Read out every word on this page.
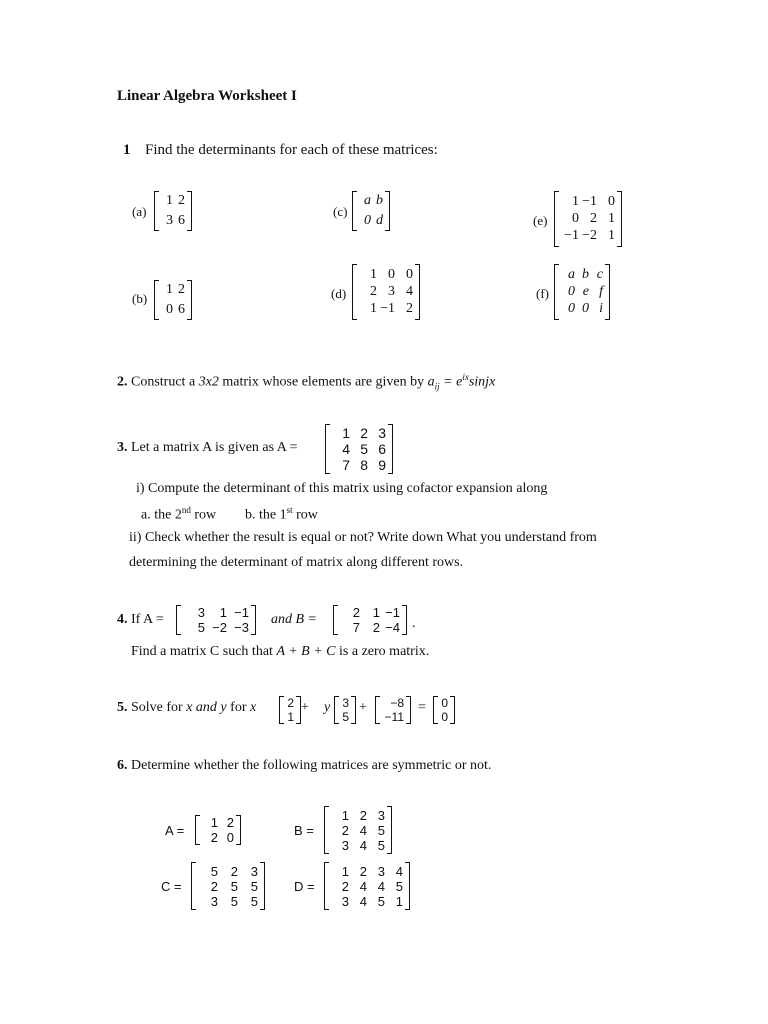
Linear Algebra Worksheet I
1 Find the determinants for each of these matrices:
(a)
1 2
3 6
(b)
1 2
0 6
(c)
a b
0 d
(d)
1 0 0
2 3 4
1 −1 2
(e)
1 −1 0
0 2 1
−1 −2 1
(f)
a b c
0 e f
0 0 i
2. Construct a 3x2 matrix whose elements are given by $a_{ij}$ = $e^{ix}sinjx$
3. Let a matrix A is given as A =
1 2 3
4 5 6
7 8 9
i) Compute the determinant of this matrix using cofactor expansion along
a. the 2nd row b. the 1st row
ii) Check whether the result is equal or not? Write down What you understand from
determining the determinant of matrix along different rows.
4. If A =	3	1 −1
5 −2 −3
and B =	2 1 −1
7 2 −4 .
Find a matrix C such that A + B + C is a zero matrix.
5. Solve for x and y for x	2
1
+ y 3
5
+	−8
−11
= 0
0
6. Determine whether the following matrices are symmetric or not.
A =
1 2
2 0	B =
1 2 3
2 4 5
3 4 5
C =
5 2 3
2 5 5
3 5 5
D =
1 2 3 4
2 4 4 5
3 4 5 1
